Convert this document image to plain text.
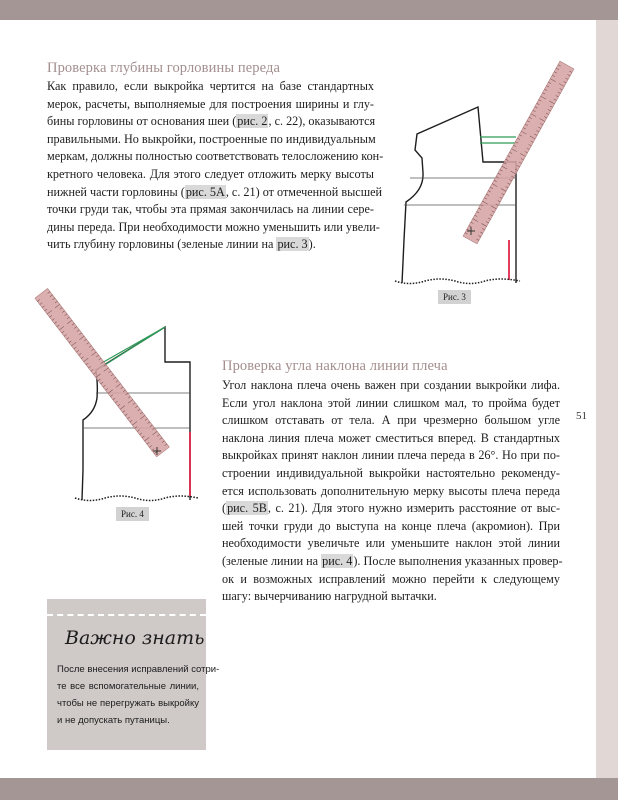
51
Проверка глубины горловины переда
Как правило, если выкройка чертится на базе стандартных
мерок, расчеты, выполняемые для построения ширины и глу-
бины горловины от основания шеи (рис. 2, с. 22), оказываются
правильными. Но выкройки, построенные по индивидуальным
меркам, должны полностью соответствовать телосложению кон-
кретного человека. Для этого следует отложить мерку высоты
нижней части горловины (рис. 5А, с. 21) от отмеченной высшей
точки груди так, чтобы эта прямая закончилась на линии сере-
дины переда. При необходимости можно уменьшить или увели-
чить глубину горловины (зеленые линии на рис. 3).
Проверка угла наклона линии плеча
Угол наклона плеча очень важен при создании выкройки лифа.
Если угол наклона этой линии слишком мал, то пройма будет
слишком отставать от тела. А при чрезмерно большом угле
наклона линия плеча может сместиться вперед. В стандартных
выкройках принят наклон линии плеча переда в 26°. Но при по-
строении индивидуальной выкройки настоятельно рекоменду-
ется использовать дополнительную мерку высоты плеча переда
(рис. 5В, с. 21). Для этого нужно измерить расстояние от выс-
шей точки груди до выступа на конце плеча (акромион). При
необходимости увеличьте или уменьшите наклон этой линии
(зеленые линии на рис. 4). После выполнения указанных провер-
ок и возможных исправлений можно перейти к следующему
шагу: вычерчиванию нагрудной вытачки.
Рис. 3
Рис. 4
Важно знать
После внесения исправлений сотри-
те все вспомогательные линии,
чтобы не перегружать выкройку
и не допускать путаницы.
